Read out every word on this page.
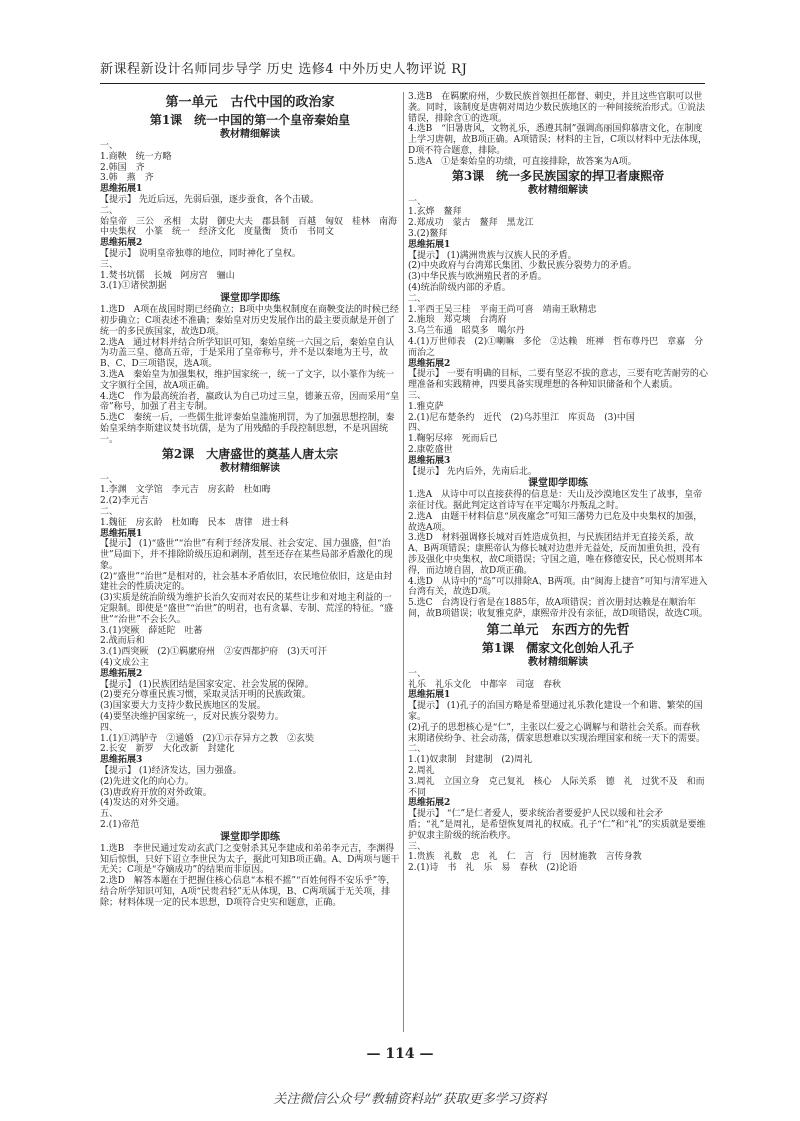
新课程新设计名师同步导学 历史 选修4 中外历史人物评说 RJ
第一单元　古代中国的政治家
第1课　统一中国的第一个皇帝秦始皇
教材精细解读
一、
1.商鞅　统一方略
2.韩国　齐
3.韩　燕　齐
思维拓展1
【提示】 先近后远，先弱后强，逐步蚕食，各个击破。
二、
始皇帝　三公　丞相　太尉　御史大夫　郡县制　百越　匈奴　桂林　南海　中央集权　小篆　统一　经济文化　度量衡　货币　书同文
思维拓展2
【提示】 说明皇帝独尊的地位，同时神化了皇权。
三、
1.焚书坑儒　长城　阿房宫　骊山
3.(1)①诸侯割据
课堂即学即练
1.选D　A项在战国时期已经确立；B项中央集权制度在商鞅变法的时候已经初步确立；C项表述不准确；秦始皇对历史发展作出的最主要贡献是开创了统一的多民族国家，故选D项。
2.选A　通过材料并结合所学知识可知，秦始皇统一六国之后，秦始皇自认为功盖三皇、德高五帝，于是采用了皇帝称号，并不是以秦地为王号，故B、C、D三项错误，选A项。
3.选A　秦始皇为加强集权，维护国家统一，统一了文字，以小篆作为统一文字颁行全国，故A项正确。
4.选C　作为最高统治者，嬴政认为自己功过三皇，德兼五帝，因而采用“皇帝”称号，加强了君主专制。
5.选C　秦统一后，一些儒生批评秦始皇滥施刑罚，为了加强思想控制，秦始皇采纳李斯建议焚书坑儒，是为了用残酷的手段控制思想，不是巩固统一。
第2课　大唐盛世的奠基人唐太宗
教材精细解读
一、
1.李渊　文学馆　李元吉　房玄龄　杜如晦
2.(2)李元吉
二、
1.魏征　房玄龄　杜如晦　民本　唐律　进士科
思维拓展1
【提示】 (1)“盛世”“治世”有利于经济发展、社会安定、国力强盛，但“治世”局面下，并不排除阶级压迫和剥削，甚至还存在某些局部矛盾激化的现象。
(2)“盛世”“治世”是相对的，社会基本矛盾依旧，农民地位依旧，这是由封建社会的性质决定的。
(3)实质是统治阶级为维护长治久安而对农民的某些让步和对地主利益的一定限制。即使是“盛世”“治世”的明君，也有贪暴、专制、荒淫的特征。“盛世”“治世”不会长久。
3.(1)突厥　薛延陀　吐蕃
2.战而后和
3.(1)西突厥　(2)①羁縻府州　②安西都护府　(3)天可汗
(4)文成公主
思维拓展2
【提示】 (1)民族团结是国家安定、社会发展的保障。
(2)要充分尊重民族习惯，采取灵活开明的民族政策。
(3)国家要大力支持少数民族地区的发展。
(4)要坚决维护国家统一，反对民族分裂势力。
四、
1.(1)①鸿胪寺　②通婚　(2)①示存异方之教　②玄奘
2.长安　新罗　大化改新　封建化
思维拓展3
【提示】 (1)经济发达，国力强盛。
(2)先进文化的向心力。
(3)唐政府开放的对外政策。
(4)发达的对外交通。
五、
2.(1)帝范
课堂即学即练
1.选B　李世民通过发动玄武门之变射杀其兄李建成和弟弟李元吉，李渊得知后惊惧，只好下诏立李世民为太子，据此可知B项正确。A、D两项与题干无关；C项是“夺嫡成功”的结果而非原因。
2.选D　解答本题在于把握住核心信息“本根不摇”“百姓何得不安乐乎”等，结合所学知识可知，A项“民贵君轻”无从体现，B、C两项属于无关项，排除；材料体现一定的民本思想，D项符合史实和题意，正确。
3.选B　在羁縻府州，少数民族首领担任都督、刺史，并且这些官职可以世袭。同时，该制度是唐朝对周边少数民族地区的一种间接统治形式。①说法错误，排除含①的选项。
4.选B　“旧暑唐风，文物礼乐，悉遵其制”强调高丽国仰慕唐文化，在制度上学习唐朝，故B项正确。A项错误；材料的主旨，C项以材料中无法体现，D项不符合题意，排除。
5.选A　①是秦始皇的功绩，可直接排除，故答案为A项。
第3课　统一多民族国家的捍卫者康熙帝
教材精细解读
一、
1.玄烨　鳌拜
2.郑成功　蒙古　鳌拜　黑龙江
3.(2)鳌拜
思维拓展1
【提示】 (1)满洲贵族与汉族人民的矛盾。
(2)中央政府与台湾郑氏集团、少数民族分裂势力的矛盾。
(3)中华民族与欧洲殖民者的矛盾。
(4)统治阶级内部的矛盾。
二、
1.平西王吴三桂　平南王尚可喜　靖南王耿精忠
2.施琅　郑克塽　台湾府
3.乌兰布通　昭莫多　噶尔丹
4.(1)万世师表　(2)①喇嘛　多伦　②达赖　班禅　哲布尊丹巴　章嘉　分而治之
思维拓展2
【提示】 一要有明确的目标，二要有坚忍不拔的意志，三要有吃苦耐劳的心理准备和实践精神，四要具备实现理想的各种知识储备和个人素质。
三、
1.雅克萨
2.(1)尼布楚条约　近代　(2)乌苏里江　库页岛　(3)中国
四、
1.鞠躬尽瘁　死而后已
2.康乾盛世
思维拓展3
【提示】 先内后外，先南后北。
课堂即学即练
1.选A　从诗中可以直接获得的信息是：天山及沙漠地区发生了战事，皇帝亲征讨伐。据此判定这首诗写在平定噶尔丹叛乱之时。
2.选A　由题干材料信息“夙夜廑念”可知三藩势力已危及中央集权的加强，故选A项。
3.选D　材料强调修长城对百姓造成负担，与民族团结并无直接关系，故A、B两项错误；康熙帝认为修长城对边患并无益处，反而加重负担，没有涉及强化中央集权，故C项错误；守国之道，唯在修德安民，民心悦则邦本得，而边境自固，故D项正确。
4.选D　从诗中的“岛”可以排除A、B两项。由“闽海上捷音”可知与清军进入台湾有关，故选D项。
5.选C　台湾设行省是在1885年，故A项错误；首次册封达赖是在顺治年间，故B项错误；收复雅克萨，康熙帝并没有亲征，故D项错误，故选C项。
第二单元　东西方的先哲
第1课　儒家文化创始人孔子
教材精细解读
一、
礼乐　礼乐文化　中都宰　司寇　春秋
思维拓展1
【提示】 (1)孔子的治国方略是希望通过礼乐教化建设一个和谐、繁荣的国家。
(2)孔子的思想核心是“仁”，主张以仁爱之心调解与和谐社会关系。而春秋末期诸侯纷争、社会动荡，儒家思想难以实现治理国家和统一天下的需要。
二、
1.(1)奴隶制　封建制　(2)周礼
2.周礼
3.周礼　立国立身　克己复礼　核心　人际关系　德　礼　过犹不及　和而不同
思维拓展2
【提示】 “仁”是仁者爱人，要求统治者要爱护人民以缓和社会矛盾；“礼”是周礼，是希望恢复周礼的权威。孔子“仁”和“礼”的实质就是要维护奴隶主阶级的统治秩序。
三、
1.贵族　礼数　忠　礼　仁　言　行　因材施教　言传身教
2.(1)诗　书　礼　乐　易　春秋　(2)论语
— 114 —
关注微信公众号“教辅资料站”获取更多学习资料
